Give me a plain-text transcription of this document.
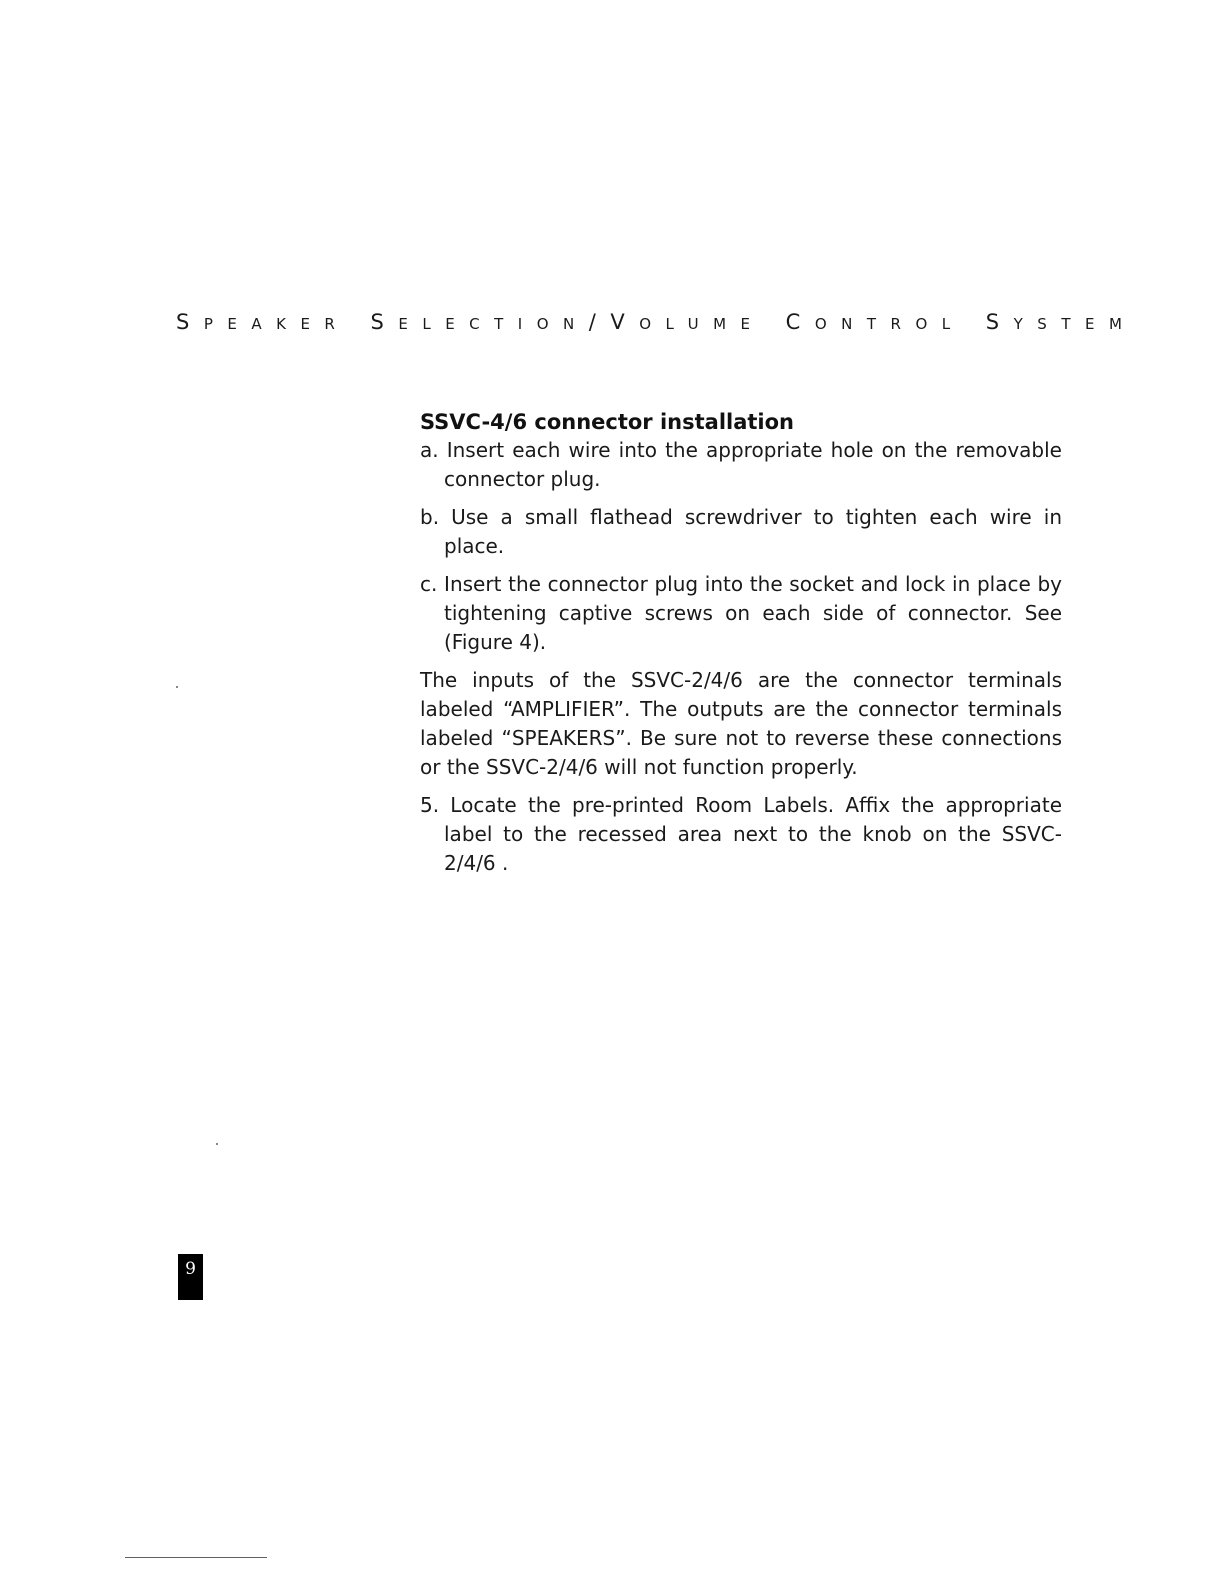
Speaker Selection/Volume Control System
SSVC-4/6 connector installation

a. Insert each wire into the appropriate hole on the removable connector plug.

b. Use a small flathead screwdriver to tighten each wire in place.

c. Insert the connector plug into the socket and lock in place by tightening captive screws on each side of connector. See (Figure 4).

The inputs of the SSVC-2/4/6 are the connector terminals labeled “AMPLIFIER”. The outputs are the connector terminals labeled “SPEAKERS”. Be sure not to reverse these connections or the SSVC-2/4/6 will not function properly.

5. Locate the pre-printed Room Labels. Affix the appropriate label to the recessed area next to the knob on the SSVC-2/4/6 .

9
